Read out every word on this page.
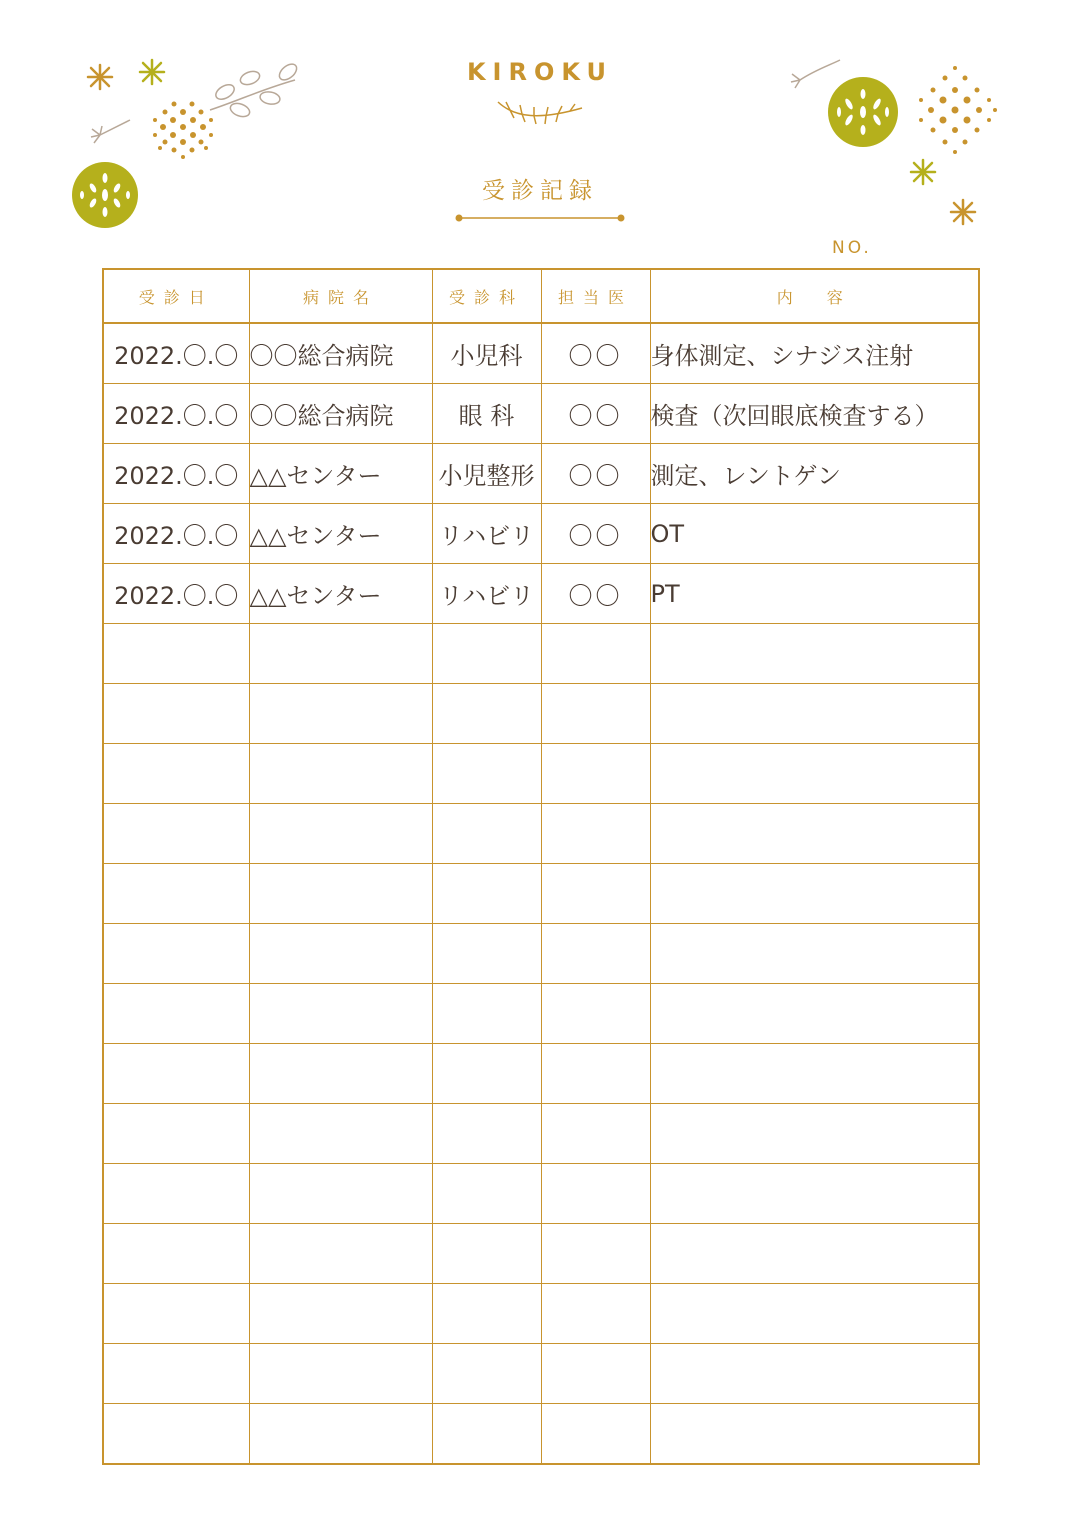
KIROKU
受診記録
NO.
受診日	病院名	受診科	担当医	内　容
2022.〇.〇	〇〇総合病院	小児科	〇〇	身体測定、シナジス注射
2022.〇.〇	〇〇総合病院	眼 科	〇〇	検査（次回眼底検査する）
2022.〇.〇	△△センター	小児整形	〇〇	測定、レントゲン
2022.〇.〇	△△センター	リハビリ	〇〇	OT
2022.〇.〇	△△センター	リハビリ	〇〇	PT
